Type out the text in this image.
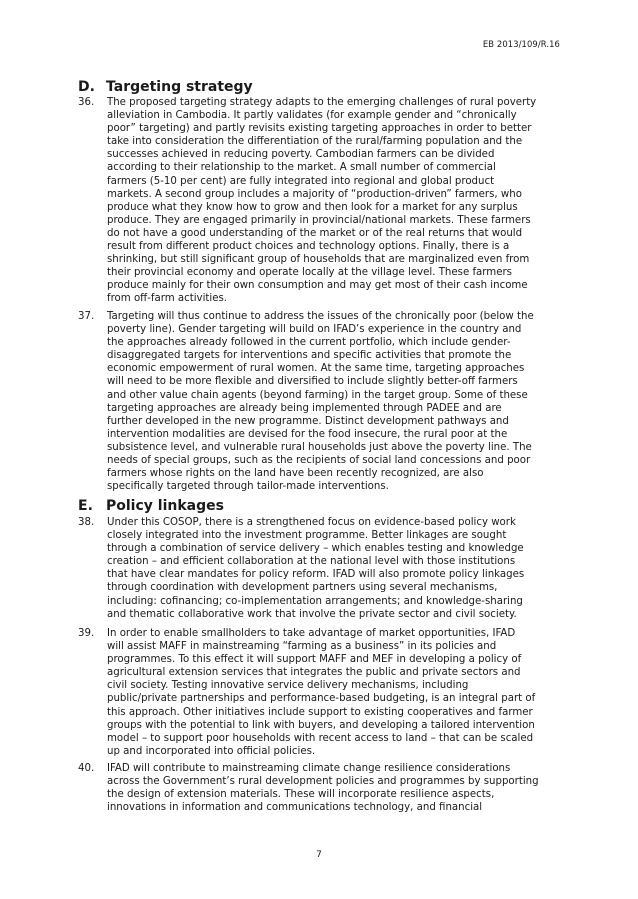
EB 2013/109/R.16
D. Targeting strategy
36.	The proposed targeting strategy adapts to the emerging challenges of rural poverty
alleviation in Cambodia. It partly validates (for example gender and “chronically
poor” targeting) and partly revisits existing targeting approaches in order to better
take into consideration the differentiation of the rural/farming population and the
successes achieved in reducing poverty. Cambodian farmers can be divided
according to their relationship to the market. A small number of commercial
farmers (5-10 per cent) are fully integrated into regional and global product
markets. A second group includes a majority of “production-driven” farmers, who
produce what they know how to grow and then look for a market for any surplus
produce. They are engaged primarily in provincial/national markets. These farmers
do not have a good understanding of the market or of the real returns that would
result from different product choices and technology options. Finally, there is a
shrinking, but still significant group of households that are marginalized even from
their provincial economy and operate locally at the village level. These farmers
produce mainly for their own consumption and may get most of their cash income
from off-farm activities.
37.	Targeting will thus continue to address the issues of the chronically poor (below the
poverty line). Gender targeting will build on IFAD’s experience in the country and
the approaches already followed in the current portfolio, which include gender-
disaggregated targets for interventions and specific activities that promote the
economic empowerment of rural women. At the same time, targeting approaches
will need to be more flexible and diversified to include slightly better-off farmers
and other value chain agents (beyond farming) in the target group. Some of these
targeting approaches are already being implemented through PADEE and are
further developed in the new programme. Distinct development pathways and
intervention modalities are devised for the food insecure, the rural poor at the
subsistence level, and vulnerable rural households just above the poverty line. The
needs of special groups, such as the recipients of social land concessions and poor
farmers whose rights on the land have been recently recognized, are also
specifically targeted through tailor-made interventions.
E. Policy linkages
38.	Under this COSOP, there is a strengthened focus on evidence-based policy work
closely integrated into the investment programme. Better linkages are sought
through a combination of service delivery – which enables testing and knowledge
creation – and efficient collaboration at the national level with those institutions
that have clear mandates for policy reform. IFAD will also promote policy linkages
through coordination with development partners using several mechanisms,
including: cofinancing; co-implementation arrangements; and knowledge-sharing
and thematic collaborative work that involve the private sector and civil society.
39.	In order to enable smallholders to take advantage of market opportunities, IFAD
will assist MAFF in mainstreaming “farming as a business” in its policies and
programmes. To this effect it will support MAFF and MEF in developing a policy of
agricultural extension services that integrates the public and private sectors and
civil society. Testing innovative service delivery mechanisms, including
public/private partnerships and performance-based budgeting, is an integral part of
this approach. Other initiatives include support to existing cooperatives and farmer
groups with the potential to link with buyers, and developing a tailored intervention
model – to support poor households with recent access to land – that can be scaled
up and incorporated into official policies.
40.	IFAD will contribute to mainstreaming climate change resilience considerations
across the Government’s rural development policies and programmes by supporting
the design of extension materials. These will incorporate resilience aspects,
innovations in information and communications technology, and financial
7
